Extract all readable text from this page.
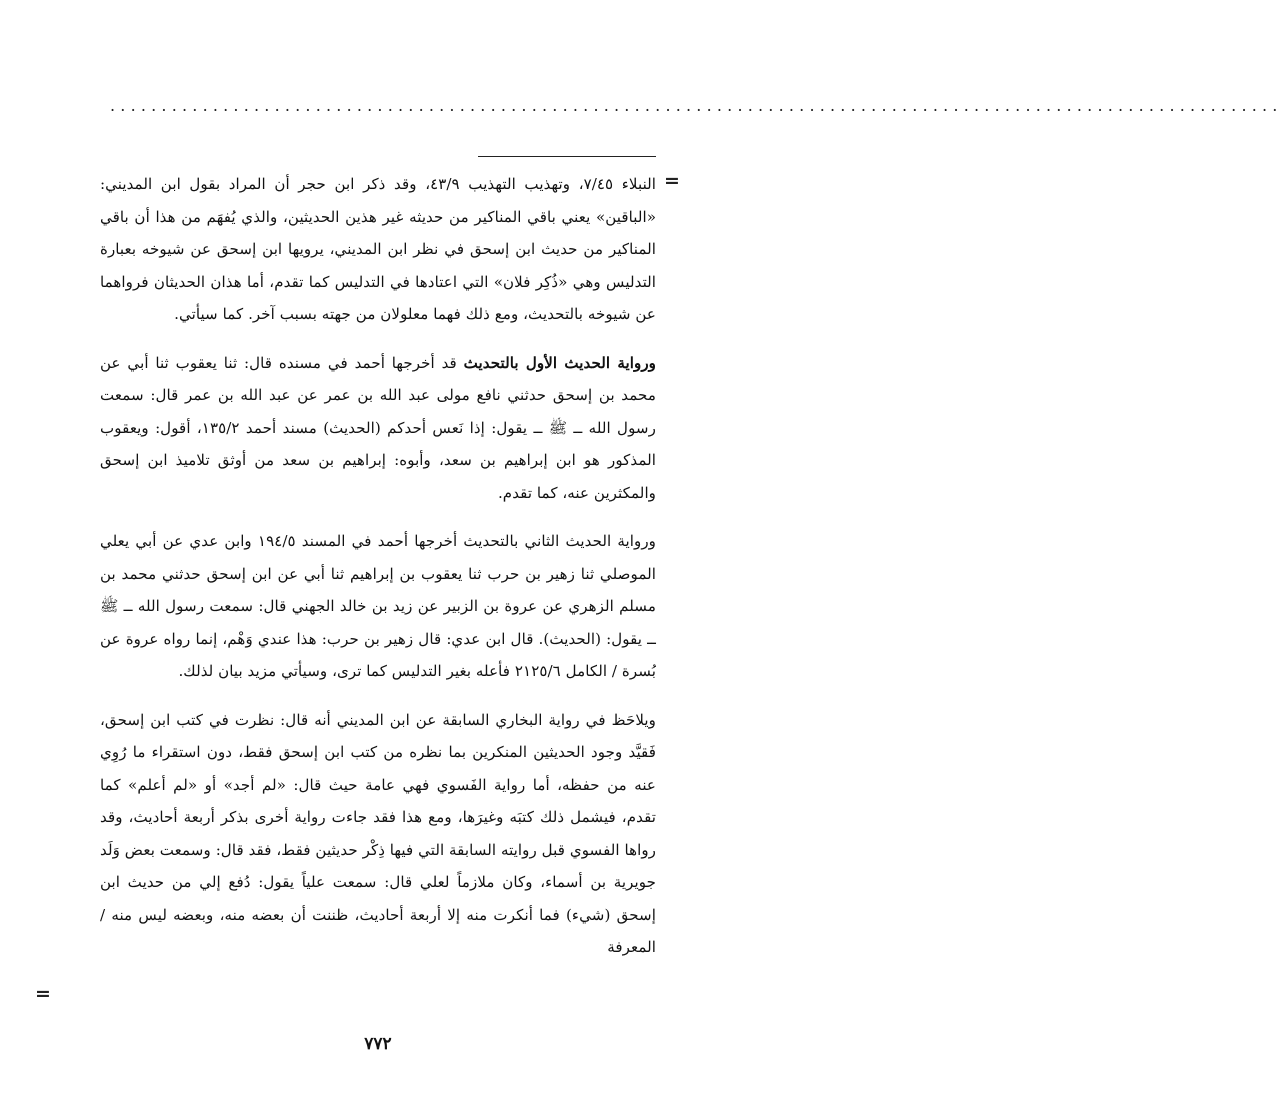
..................................................................................................................
=

النبلاء ٧/٤٥، وتهذيب التهذيب ٤٣/٩، وقد ذكر ابن حجر أن المراد بقول ابن المديني: «الباقين» يعني باقي المناكير من حديثه غير هذين الحديثين، والذي يُفهَم من هذا أن باقي المناكير من حديث ابن إسحق في نظر ابن المديني، يرويها ابن إسحق عن شيوخه بعبارة التدليس وهي «ذُكِر فلان» التي اعتادها في التدليس كما تقدم، أما هذان الحديثان فرواهما عن شيوخه بالتحديث، ومع ذلك فهما معلولان من جهته بسبب آخر. كما سيأتي.

ورواية الحديث الأول بالتحديث قد أخرجها أحمد في مسنده قال: ثنا يعقوب ثنا أبي عن محمد بن إسحق حدثني نافع مولى عبد الله بن عمر عن عبد الله بن عمر قال: سمعت رسول الله ــ ﷺ ــ يقول: إذا نَعس أحدكم (الحديث) مسند أحمد ١٣٥/٢، أقول: ويعقوب المذكور هو ابن إبراهيم بن سعد، وأبوه: إبراهيم بن سعد من أوثق تلاميذ ابن إسحق والمكثرين عنه، كما تقدم.

ورواية الحديث الثاني بالتحديث أخرجها أحمد في المسند ١٩٤/٥ وابن عدي عن أبي يعلي الموصلي ثنا زهير بن حرب ثنا يعقوب بن إبراهيم ثنا أبي عن ابن إسحق حدثني محمد بن مسلم الزهري عن عروة بن الزبير عن زيد بن خالد الجهني قال: سمعت رسول الله ــ ﷺ ــ يقول: (الحديث). قال ابن عدي: قال زهير بن حرب: هذا عندي وَهْم، إنما رواه عروة عن بُسرة / الكامل ٢١٢٥/٦ فأعله بغير التدليس كما ترى، وسيأتي مزيد بيان لذلك.

ويلاحَظ في رواية البخاري السابقة عن ابن المديني أنه قال: نظرت في كتب ابن إسحق، فَقيَّد وجود الحديثين المنكرين بما نظره من كتب ابن إسحق فقط، دون استقراء ما رُوِي عنه من حفظه، أما رواية الفَسوي فهي عامة حيث قال: «لم أجد» أو «لم أعلم» كما تقدم، فيشمل ذلك كتبَه وغيرَها، ومع هذا فقد جاءت رواية أخرى بذكر أربعة أحاديث، وقد رواها الفسوي قبل روايته السابقة التي فيها ذِكْر حديثين فقط، فقد قال: وسمعت بعض وَلَد جويرية بن أسماء، وكان ملازماً لعلي قال: سمعت علياً يقول: دُفع إلي من حديث ابن إسحق (شيء) فما أنكرت منه إلا أربعة أحاديث، ظننت أن بعضه منه، وبعضه ليس منه / المعرفة

=
٧٧٢
